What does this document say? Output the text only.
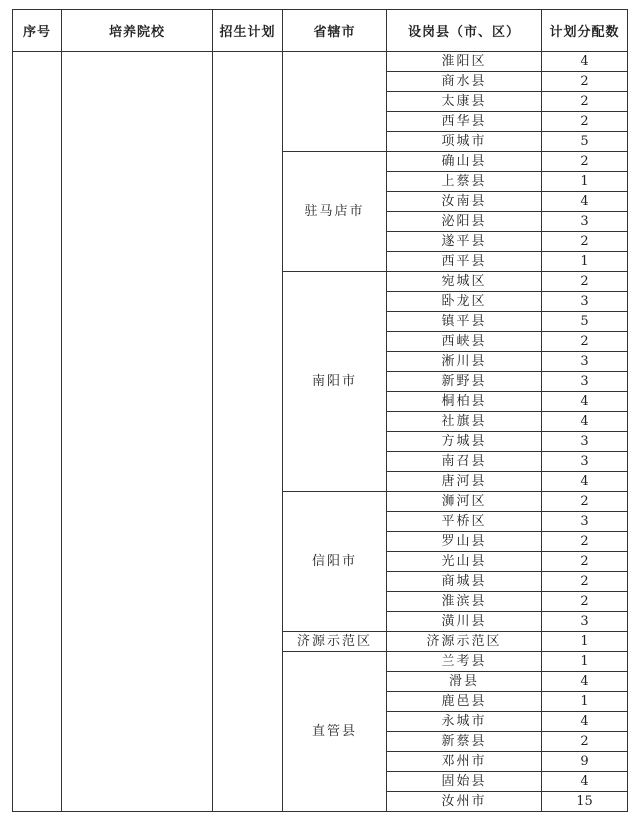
序号	培养院校	招生计划	省辖市	设岗县（市、区）	计划分配数
				淮阳区	4
				商水县	2
				太康县	2
				西华县	2
				项城市	5
			驻马店市	确山县	2
				上蔡县	1
				汝南县	4
				泌阳县	3
				遂平县	2
				西平县	1
			南阳市	宛城区	2
				卧龙区	3
				镇平县	5
				西峡县	2
				淅川县	3
				新野县	3
				桐柏县	4
				社旗县	4
				方城县	3
				南召县	3
				唐河县	4
			信阳市	浉河区	2
				平桥区	3
				罗山县	2
				光山县	2
				商城县	2
				淮滨县	2
				潢川县	3
			济源示范区	济源示范区	1
			直管县	兰考县	1
				滑县	4
				鹿邑县	1
				永城市	4
				新蔡县	2
				邓州市	9
				固始县	4
				汝州市	15
